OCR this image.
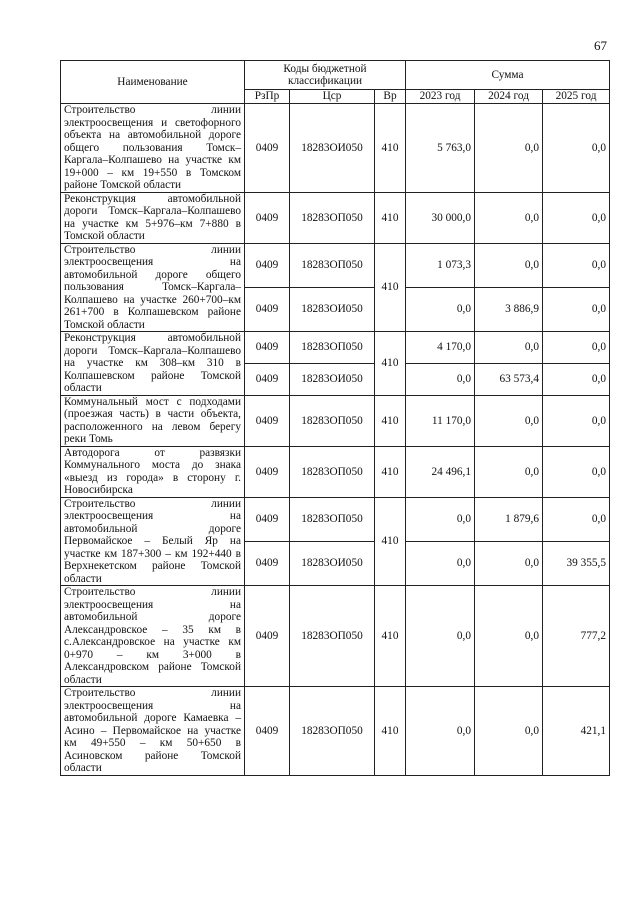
67
Наименование	Коды бюджетной классификации			Сумма		
	РзПр	Цср	Вр	2023 год	2024 год	2025 год
Строительство линии электроосвещения и светофорного объекта на автомобильной дороге общего пользования Томск–Каргала–Колпашево на участке км 19+000 – км 19+550 в Томском районе Томской области	0409	18283ОИ050	410	5 763,0	0,0	0,0
Реконструкция автомобильной дороги Томск–Каргала–Колпашево на участке км 5+976–км 7+880 в Томской области	0409	18283ОП050	410	30 000,0	0,0	0,0
Строительство линии электроосвещения на автомобильной дороге общего пользования Томск–Каргала–Колпашево на участке 260+700–км 261+700 в Колпашевском районе Томской области	0409	18283ОП050	410	1 073,3	0,0	0,0
	0409	18283ОИ050		0,0	3 886,9	0,0
Реконструкция автомобильной дороги Томск–Каргала–Колпашево на участке км 308–км 310 в Колпашевском районе Томской области	0409	18283ОП050	410	4 170,0	0,0	0,0
	0409	18283ОИ050		0,0	63 573,4	0,0
Коммунальный мост с подходами (проезжая часть) в части объекта, расположенного на левом берегу реки Томь	0409	18283ОП050	410	11 170,0	0,0	0,0
Автодорога от развязки Коммунального моста до знака «выезд из города» в сторону г. Новосибирска	0409	18283ОП050	410	24 496,1	0,0	0,0
Строительство линии электроосвещения на автомобильной дороге Первомайское – Белый Яр на участке км 187+300 – км 192+440 в Верхнекетском районе Томской области	0409	18283ОП050	410	0,0	1 879,6	0,0
	0409	18283ОИ050		0,0	0,0	39 355,5
Строительство линии электроосвещения на автомобильной дороге Александровское – 35 км в с.Александровское на участке км 0+970 – км 3+000 в Александровском районе Томской области	0409	18283ОП050	410	0,0	0,0	777,2
Строительство линии электроосвещения на автомобильной дороге Камаевка – Асино – Первомайское на участке км 49+550 – км 50+650 в Асиновском районе Томской области	0409	18283ОП050	410	0,0	0,0	421,1
